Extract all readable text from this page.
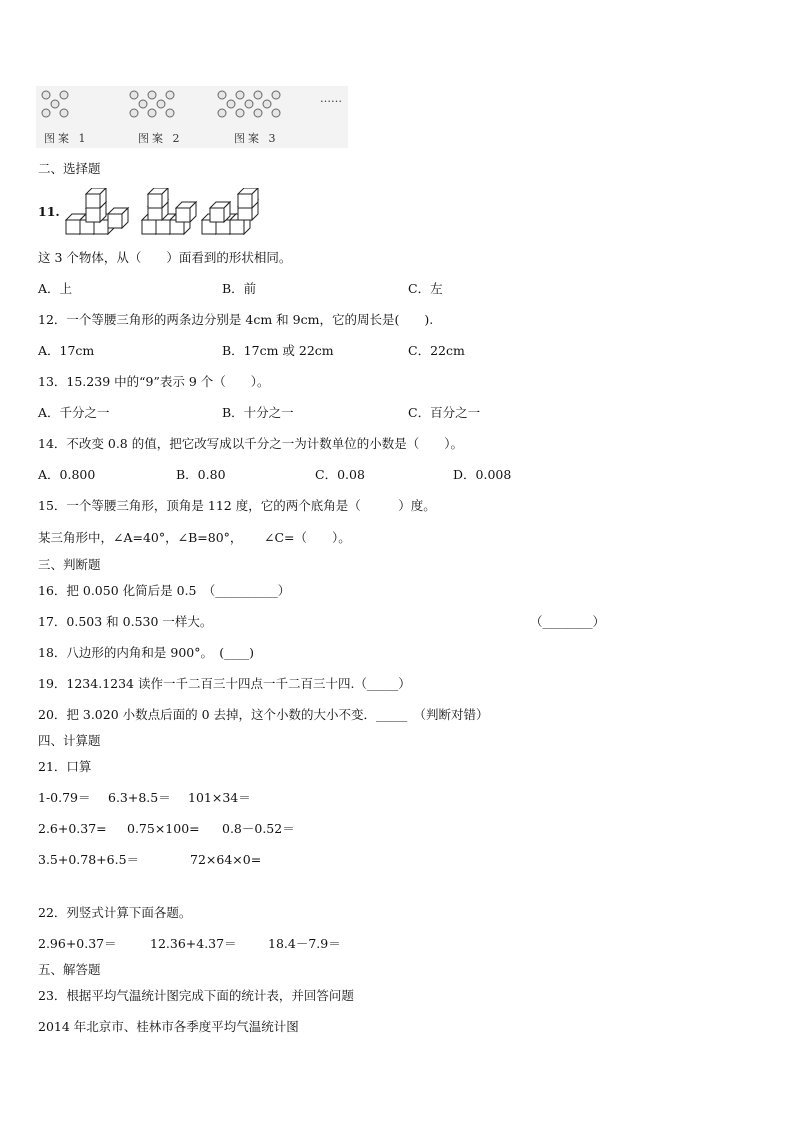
图案 1	图案 2	图案 3
……
二、选择题
11.
这 3 个物体，从（　　）面看到的形状相同。
A．上	B．前	C．左
12．一个等腰三角形的两条边分别是 4cm 和 9cm，它的周长是(　　).
A．17cm	B．17cm 或 22cm	C．22cm
13．15.239 中的“9”表示 9 个（　　）。
A．千分之一	B．十分之一	C．百分之一
14．不改变 0.8 的值，把它改写成以千分之一为计数单位的小数是（　　）。
A．0.800	B．0.80	C．0.08	D．0.008
15．一个等腰三角形，顶角是 112 度，它的两个底角是（　　　）度。
某三角形中，∠A=40°，∠B=80°， ∠C=（　　）。
三、判断题
16．把 0.050 化简后是 0.5　（__________）
17．0.503 和 0.530 一样大。	（________）
18．八边形的内角和是 900°。　(____)
19．1234.1234 读作一千二百三十四点一千二百三十四.（_____）
20．把 3.020 小数点后面的 0 去掉，这个小数的大小不变．_____　（判断对错）
四、计算题
21．口算
1-0.79＝ 6.3+8.5＝ 101×34＝
2.6+0.37= 0.75×100= 0.8－0.52＝
3.5+0.78+6.5＝	72×64×0=
22．列竖式计算下面各题。
2.96+0.37＝	12.36+4.37＝	18.4－7.9＝
五、解答题
23．根据平均气温统计图完成下面的统计表，并回答问题
2014 年北京市、桂林市各季度平均气温统计图
